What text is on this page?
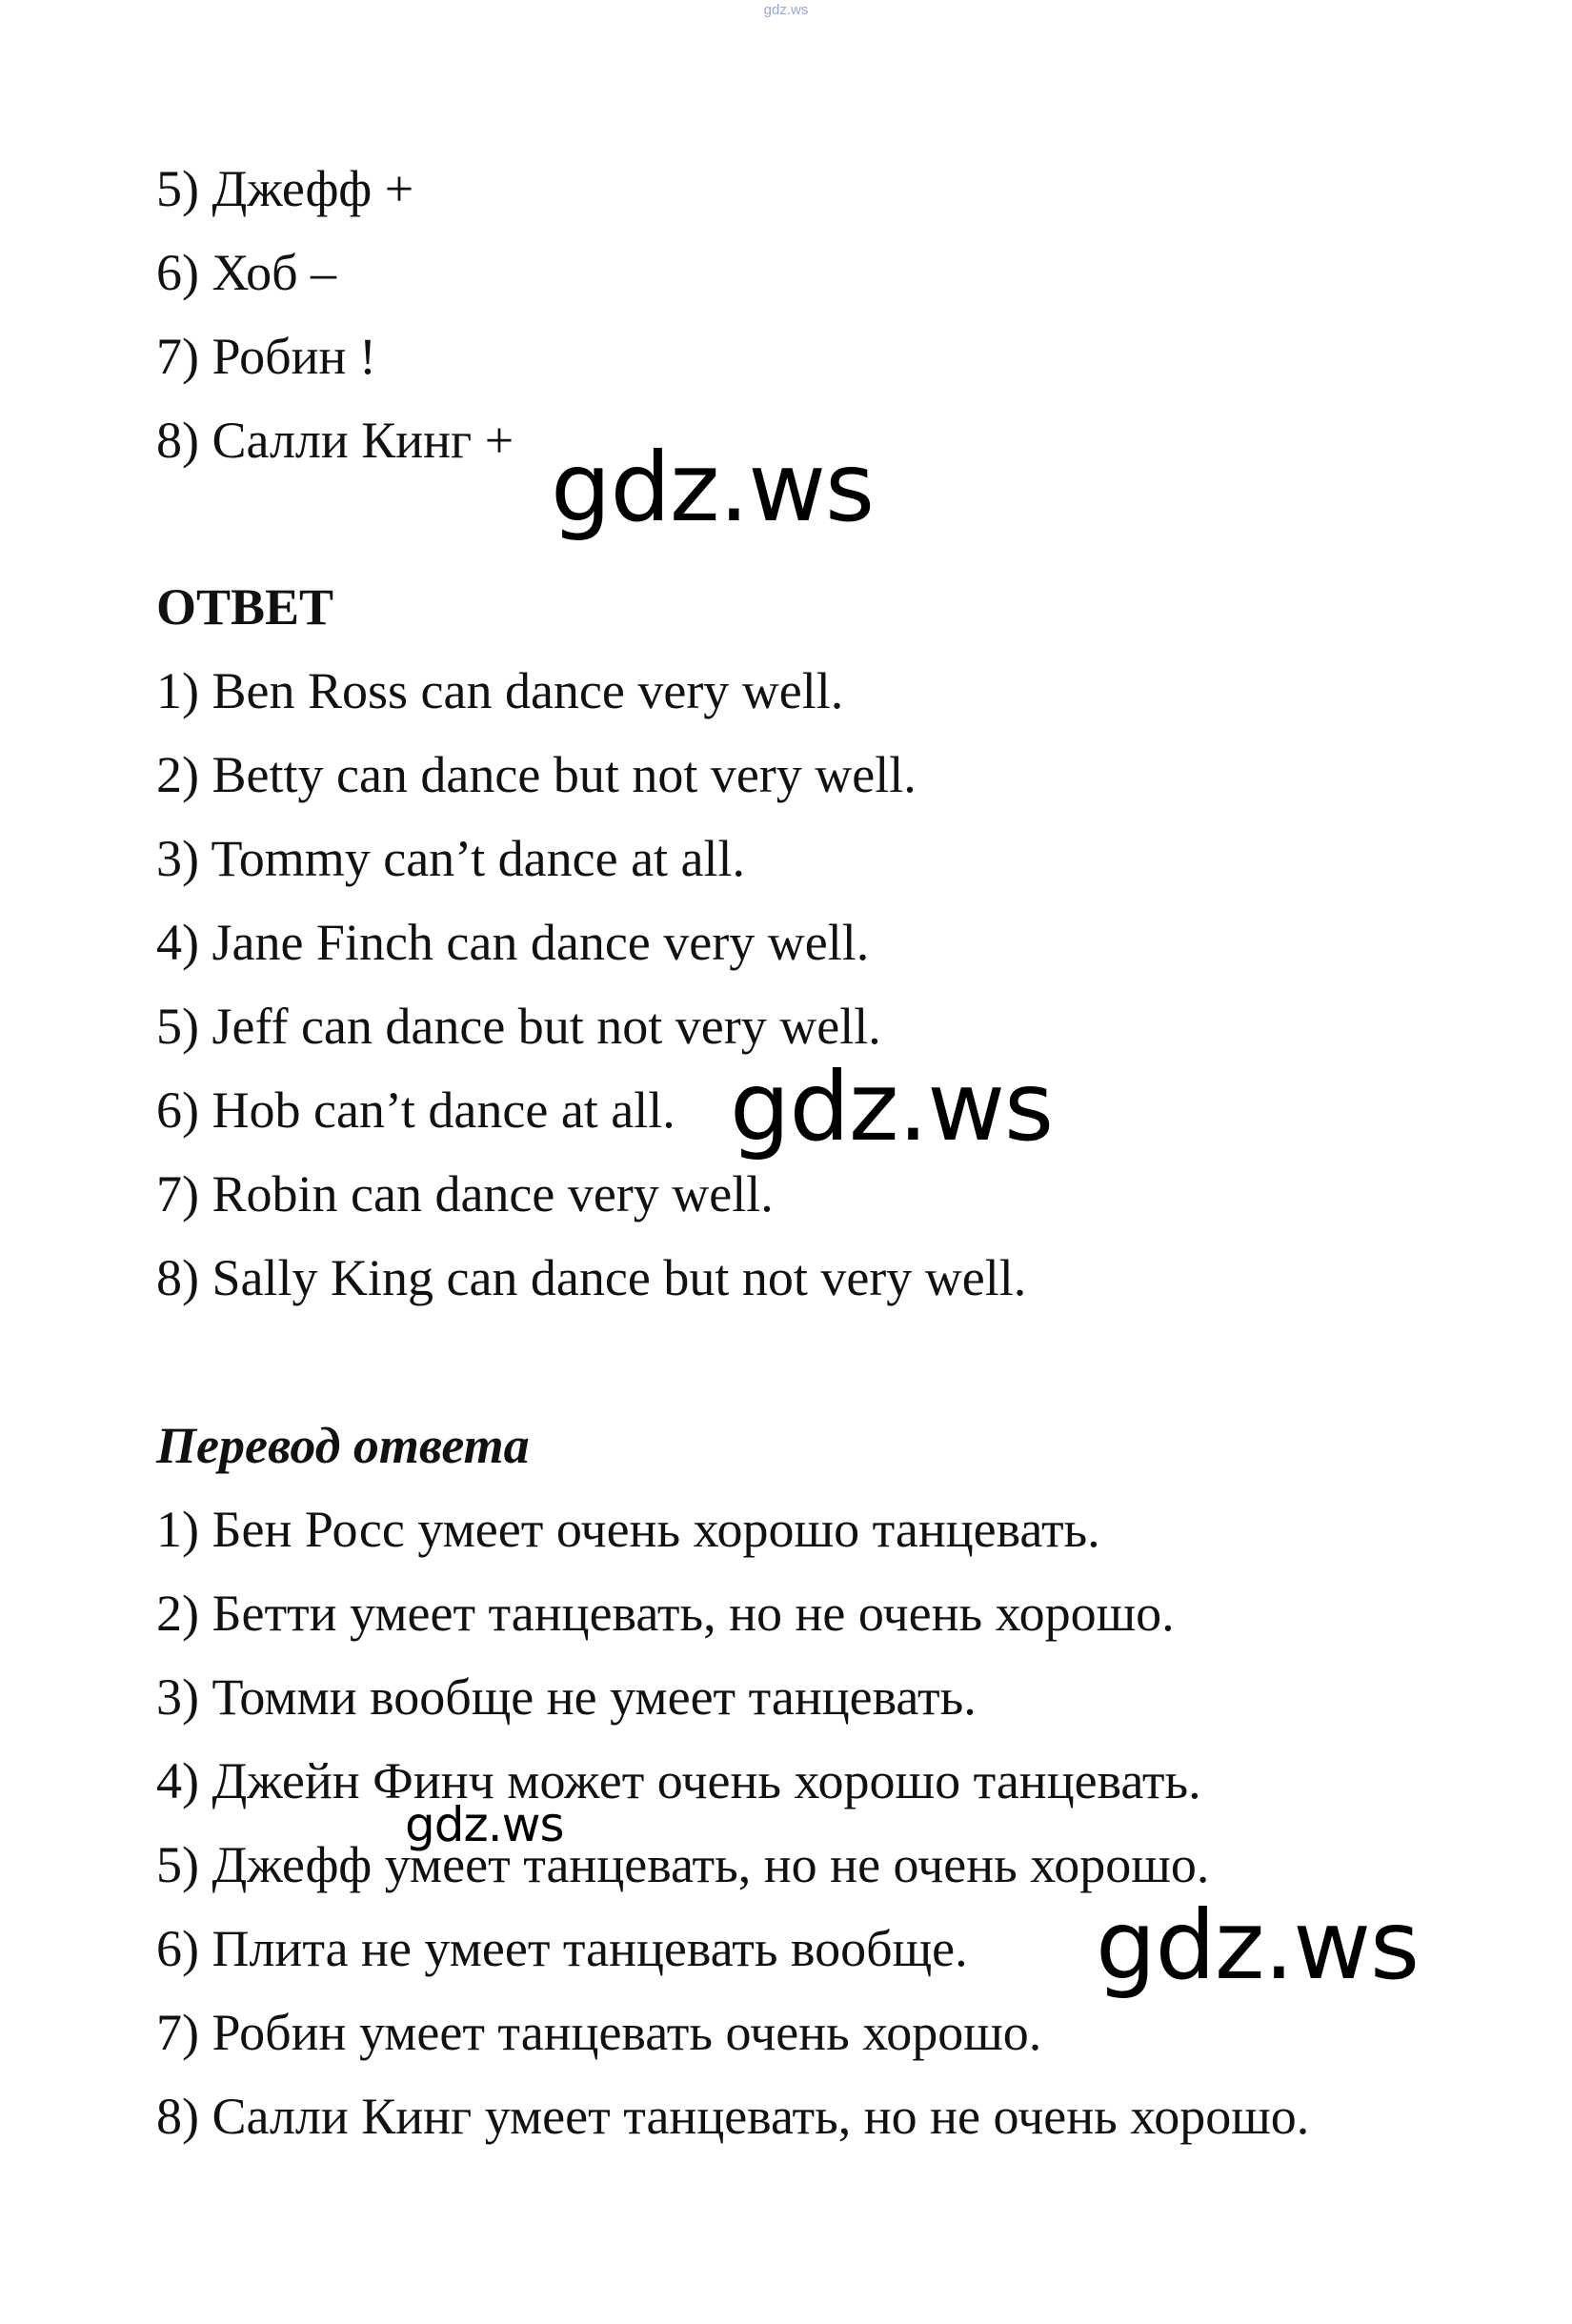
gdz.ws
5) Джефф +
6) Хоб –
7) Робин !
8) Салли Кинг +
ОТВЕТ
1) Ben Ross can dance very well.
2) Betty can dance but not very well.
3) Tommy can’t dance at all.
4) Jane Finch can dance very well.
5) Jeff can dance but not very well.
6) Hob can’t dance at all.
7) Robin can dance very well.
8) Sally King can dance but not very well.
Перевод ответа
1) Бен Росс умеет очень хорошо танцевать.
2) Бетти умеет танцевать, но не очень хорошо.
3) Томми вообще не умеет танцевать.
4) Джейн Финч может очень хорошо танцевать.
5) Джефф умеет танцевать, но не очень хорошо.
6) Плита не умеет танцевать вообще.
7) Робин умеет танцевать очень хорошо.
8) Салли Кинг умеет танцевать, но не очень хорошо.
gdz.ws
gdz.ws
gdz.ws
gdz.ws
